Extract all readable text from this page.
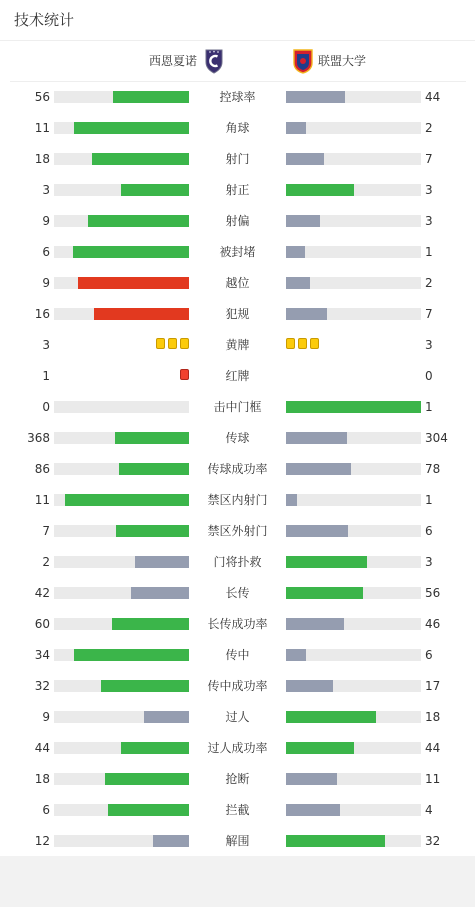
技术统计
西恩夏诺	联盟大学
56	控球率	44
11	角球	2
18	射门	7
3	射正	3
9	射偏	3
6	被封堵	1
9	越位	2
16	犯规	7
3	黄牌	3
1	红牌	0
0	击中门框	1
368	传球	304
86	传球成功率	78
11	禁区内射门	1
7	禁区外射门	6
2	门将扑救	3
42	长传	56
60	长传成功率	46
34	传中	6
32	传中成功率	17
9	过人	18
44	过人成功率	44
18	抢断	11
6	拦截	4
12	解围	32
